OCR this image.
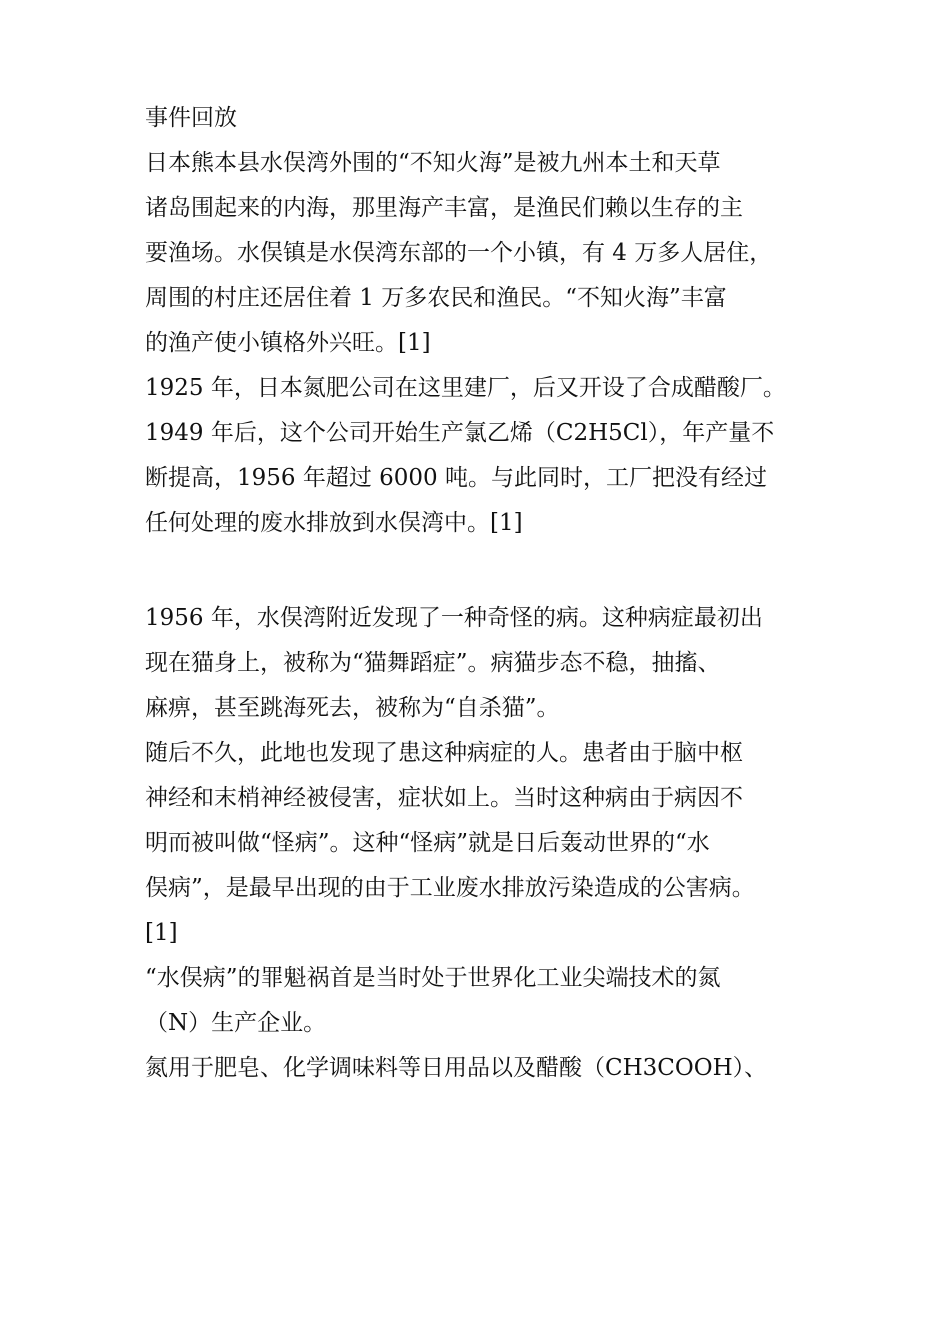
事件回放
日本熊本县水俣湾外围的“不知火海”是被九州本土和天草
诸岛围起来的内海，那里海产丰富，是渔民们赖以生存的主
要渔场。水俣镇是水俣湾东部的一个小镇，有 4 万多人居住，
周围的村庄还居住着 1 万多农民和渔民。“不知火海”丰富
的渔产使小镇格外兴旺。[1]
1925 年，日本氮肥公司在这里建厂，后又开设了合成醋酸厂。
1949 年后，这个公司开始生产氯乙烯（C2H5Cl），年产量不
断提高，1956 年超过 6000 吨。与此同时，工厂把没有经过
任何处理的废水排放到水俣湾中。[1]
1956 年，水俣湾附近发现了一种奇怪的病。这种病症最初出
现在猫身上，被称为“猫舞蹈症”。病猫步态不稳，抽搐、
麻痹，甚至跳海死去，被称为“自杀猫”。
随后不久，此地也发现了患这种病症的人。患者由于脑中枢
神经和末梢神经被侵害，症状如上。当时这种病由于病因不
明而被叫做“怪病”。这种“怪病”就是日后轰动世界的“水
俣病”，是最早出现的由于工业废水排放污染造成的公害病。
[1]
“水俣病”的罪魁祸首是当时处于世界化工业尖端技术的氮
（N）生产企业。
氮用于肥皂、化学调味料等日用品以及醋酸（CH3COOH）、
